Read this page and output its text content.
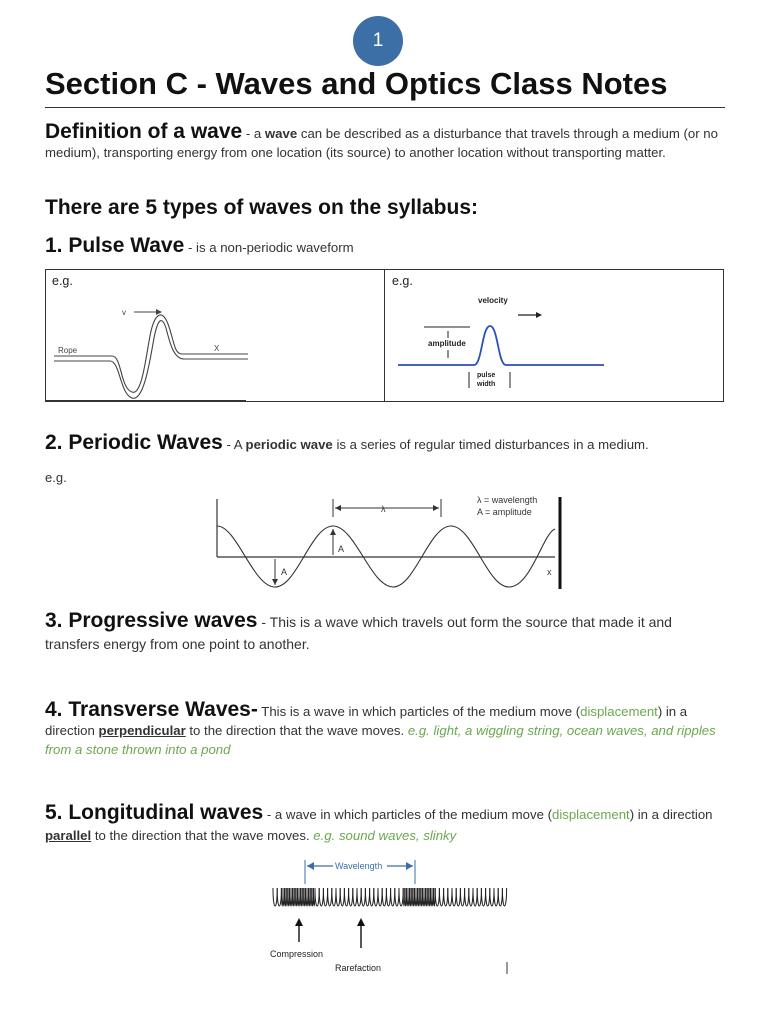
1
Section C - Waves and Optics Class Notes
Definition of a wave - a wave can be described as a disturbance that travels through a medium (or no medium), transporting energy from one location (its source) to another location without transporting matter.
There are 5 types of waves on the syllabus:
1. Pulse Wave - is a non-periodic waveform
e.g.	e.g.
v
Rope	X
velocity
amplitude
pulse
width
2. Periodic Waves - A periodic wave is a series of regular timed disturbances in a medium.
e.g.
λ
λ = wavelength
A = amplitude
A
A	x
3. Progressive waves - This is a wave which travels out form the source that made it and transfers energy from one point to another.
4. Transverse Waves- This is a wave in which particles of the medium move (displacement) in a direction perpendicular to the direction that the wave moves. e.g. light, a wiggling string, ocean waves, and ripples from a stone thrown into a pond
5. Longitudinal waves - a wave in which particles of the medium move (displacement) in a direction parallel to the direction that the wave moves. e.g. sound waves, slinky
Wavelength
Compression
Rarefaction
